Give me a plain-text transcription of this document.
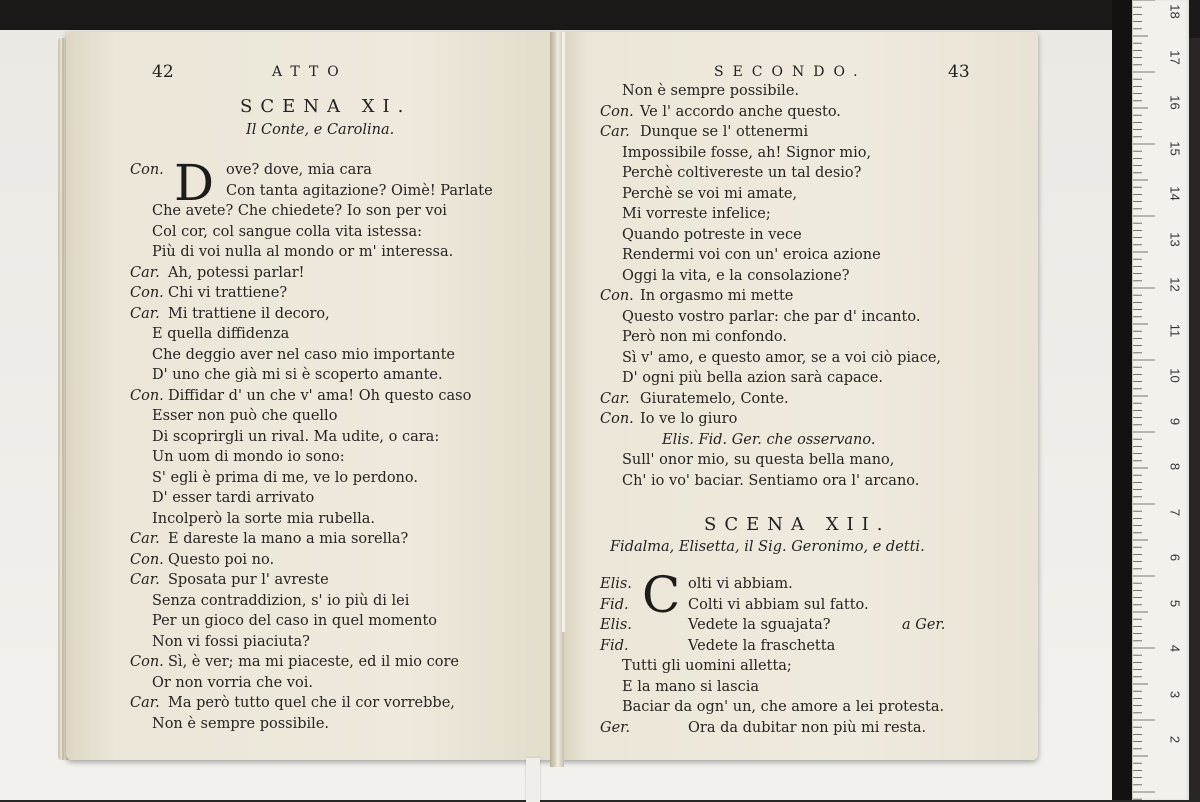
18
17
16
15
14
13
12
11
10
9
8
7
6
5
4
3
2
42	ATTO
SCENA XI.
Il Conte, e Carolina.
D
Con.	ove? dove, mia cara
Con tanta agitazione? Oimè! Parlate
Che avete? Che chiedete? Io son per voi
Col cor, col sangue colla vita istessa:
Più di voi nulla al mondo or m' interessa.
Car. Ah, potessi parlar!
Con. Chi vi trattiene?
Car. Mi trattiene il decoro,
E quella diffidenza
Che deggio aver nel caso mio importante
D' uno che già mi si è scoperto amante.
Con. Diffidar d' un che v' ama! Oh questo caso
Esser non può che quello
Di scoprirgli un rival. Ma udite, o cara:
Un uom di mondo io sono:
S' egli è prima di me, ve lo perdono.
D' esser tardi arrivato
Incolperò la sorte mia rubella.
Car. E dareste la mano a mia sorella?
Con. Questo poi no.
Car. Sposata pur l' avreste
Senza contraddizion, s' io più di lei
Per un gioco del caso in quel momento
Non vi fossi piaciuta?
Con. Sì, è ver; ma mi piaceste, ed il mio core
Or non vorria che voi.
Car. Ma però tutto quel che il cor vorrebbe,
Non è sempre possibile.
SECONDO.	43
Non è sempre possibile.
Con. Ve l' accordo anche questo.
Car. Dunque se l' ottenermi
Impossibile fosse, ah! Signor mio,
Perchè coltivereste un tal desio?
Perchè se voi mi amate,
Mi vorreste infelice;
Quando potreste in vece
Rendermi voi con un' eroica azione
Oggi la vita, e la consolazione?
Con. In orgasmo mi mette
Questo vostro parlar: che par d' incanto.
Però non mi confondo.
Sì v' amo, e questo amor, se a voi ciò piace,
D' ogni più bella azion sarà capace.
Car. Giuratemelo, Conte.
Con. Io ve lo giuro
Elis. Fid. Ger. che osservano.
Sull' onor mio, su questa bella mano,
Ch' io vo' baciar. Sentiamo ora l' arcano.
SCENA XII.
Fidalma, Elisetta, il Sig. Geronimo, e detti.
C
Elis.	olti vi abbiam.
Fid.	Colti vi abbiam sul fatto.
Elis.	Vedete la sguajata?	a Ger.
Fid.	Vedete la fraschetta
Tutti gli uomini alletta;
E la mano si lascia
Baciar da ogn' un, che amore a lei protesta.
Ger.	Ora da dubitar non più mi resta.
